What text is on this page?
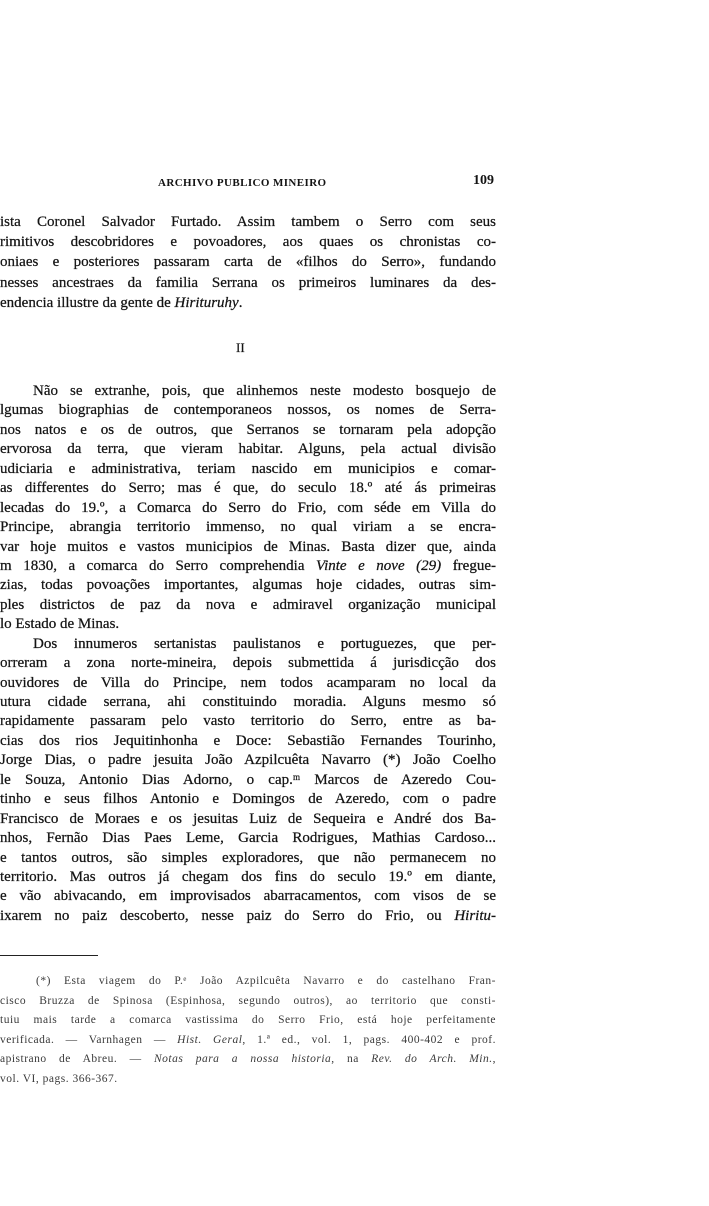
ARCHIVO PUBLICO MINEIRO	109
ista Coronel Salvador Furtado. Assim tambem o Serro com seus
rimitivos descobridores e povoadores, aos quaes os chronistas co-
oniaes e posteriores passaram carta de «filhos do Serro», fundando
nesses ancestraes da familia Serrana os primeiros luminares da des-
endencia illustre da gente de Hirituruhy.
II
Não se extranhe, pois, que alinhemos neste modesto bosquejo de
lgumas biographias de contemporaneos nossos, os nomes de Serra-
nos natos e os de outros, que Serranos se tornaram pela adopção
ervorosa da terra, que vieram habitar. Alguns, pela actual divisão
udiciaria e administrativa, teriam nascido em municipios e comar-
as differentes do Serro; mas é que, do seculo 18.º até ás primeiras
lecadas do 19.º, a Comarca do Serro do Frio, com séde em Villa do
Principe, abrangia territorio immenso, no qual viriam a se encra-
var hoje muitos e vastos municipios de Minas. Basta dizer que, ainda
m 1830, a comarca do Serro comprehendia Vinte e nove (29) fregue-
zias, todas povoações importantes, algumas hoje cidades, outras sim-
ples districtos de paz da nova e admiravel organização municipal
lo Estado de Minas.
Dos innumeros sertanistas paulistanos e portuguezes, que per-
orreram a zona norte-mineira, depois submettida á jurisdicção dos
ouvidores de Villa do Principe, nem todos acamparam no local da
utura cidade serrana, ahi constituindo moradia. Alguns mesmo só
rapidamente passaram pelo vasto territorio do Serro, entre as ba-
cias dos rios Jequitinhonha e Doce: Sebastião Fernandes Tourinho,
Jorge Dias, o padre jesuita João Azpilcuêta Navarro (*) João Coelho
le Souza, Antonio Dias Adorno, o cap.ᵐ Marcos de Azeredo Cou-
tinho e seus filhos Antonio e Domingos de Azeredo, com o padre
Francisco de Moraes e os jesuitas Luiz de Sequeira e André dos Ba-
nhos, Fernão Dias Paes Leme, Garcia Rodrigues, Mathias Cardoso...
e tantos outros, são simples exploradores, que não permanecem no
territorio. Mas outros já chegam dos fins do seculo 19.º em diante,
e vão abivacando, em improvisados abarracamentos, com visos de se
ixarem no paiz descoberto, nesse paiz do Serro do Frio, ou Hiritu-
(*) Esta viagem do P.ᵉ João Azpilcuêta Navarro e do castelhano Fran-
cisco Bruzza de Spinosa (Espinhosa, segundo outros), ao territorio que consti-
tuiu mais tarde a comarca vastissima do Serro Frio, está hoje perfeitamente
verificada. — Varnhagen — Hist. Geral, 1.ª ed., vol. 1, pags. 400-402 e prof.
apistrano de Abreu. — Notas para a nossa historia, na Rev. do Arch. Min.,
vol. VI, pags. 366-367.
